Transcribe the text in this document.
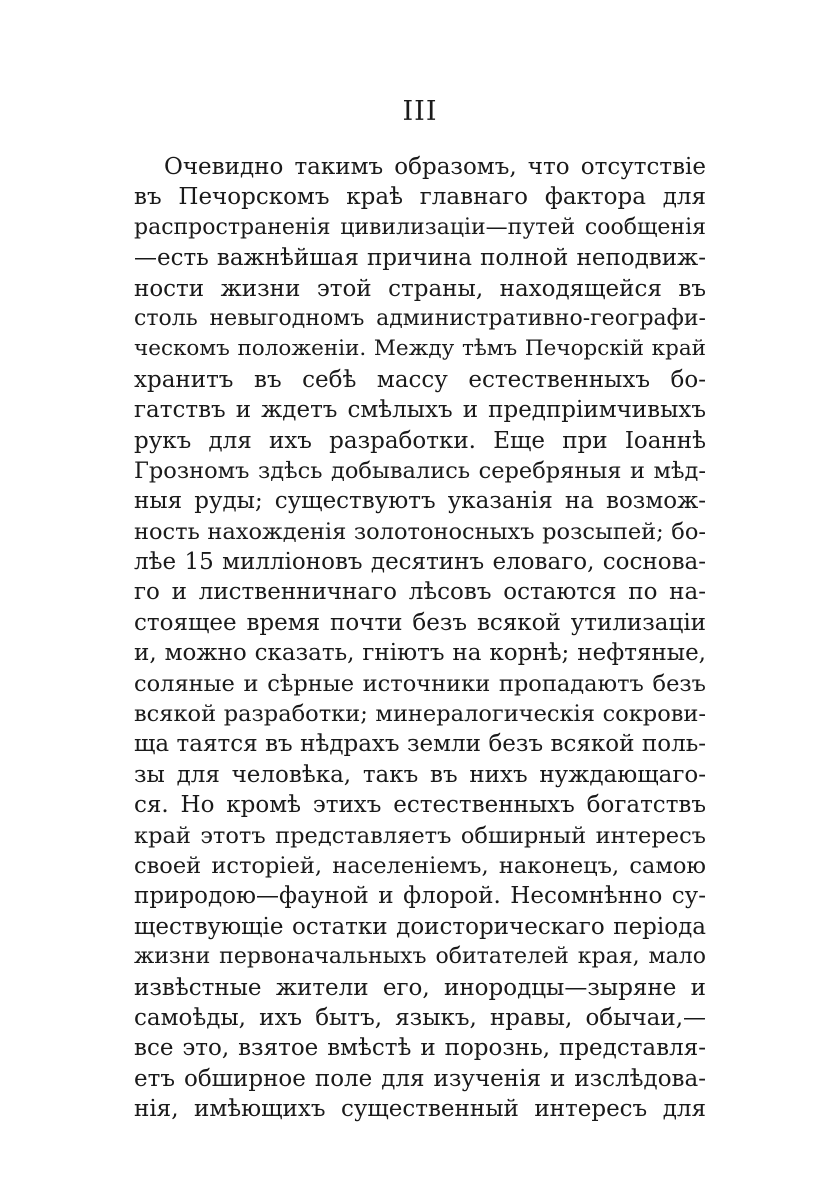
III
Очевидно такимъ образомъ, что отсутствіе
въ Печорскомъ краѣ главнаго фактора для
распространенія цивилизаціи—путей сообщенія
—есть важнѣйшая причина полной неподвиж-
ности жизни этой страны, находящейся въ
столь невыгодномъ административно-географи-
ческомъ положеніи. Между тѣмъ Печорскій край
хранитъ въ себѣ массу естественныхъ бо-
гатствъ и ждетъ смѣлыхъ и предпріимчивыхъ
рукъ для ихъ разработки. Еще при Іоаннѣ
Грозномъ здѣсь добывались серебряныя и мѣд-
ныя руды; существуютъ указанія на возмож-
ность нахожденія золотоносныхъ розсыпей; бо-
лѣе 15 милліоновъ десятинъ еловаго, соснова-
го и лиственничнаго лѣсовъ остаются по на-
стоящее время почти безъ всякой утилизаціи
и, можно сказать, гніютъ на корнѣ; нефтяные,
соляные и сѣрные источники пропадаютъ безъ
всякой разработки; минералогическія сокрови-
ща таятся въ нѣдрахъ земли безъ всякой поль-
зы для человѣка, такъ въ нихъ нуждающаго-
ся. Но кромѣ этихъ естественныхъ богатствъ
край этотъ представляетъ обширный интересъ
своей исторіей, населеніемъ, наконецъ, самою
природою—фауной и флорой. Несомнѣнно су-
ществующіе остатки доисторическаго періода
жизни первоначальныхъ обитателей края, мало
извѣстные жители его, инородцы—зыряне и
самоѣды, ихъ бытъ, языкъ, нравы, обычаи,—
все это, взятое вмѣстѣ и порознь, представля-
етъ обширное поле для изученія и изслѣдова-
нія, имѣющихъ существенный интересъ для
